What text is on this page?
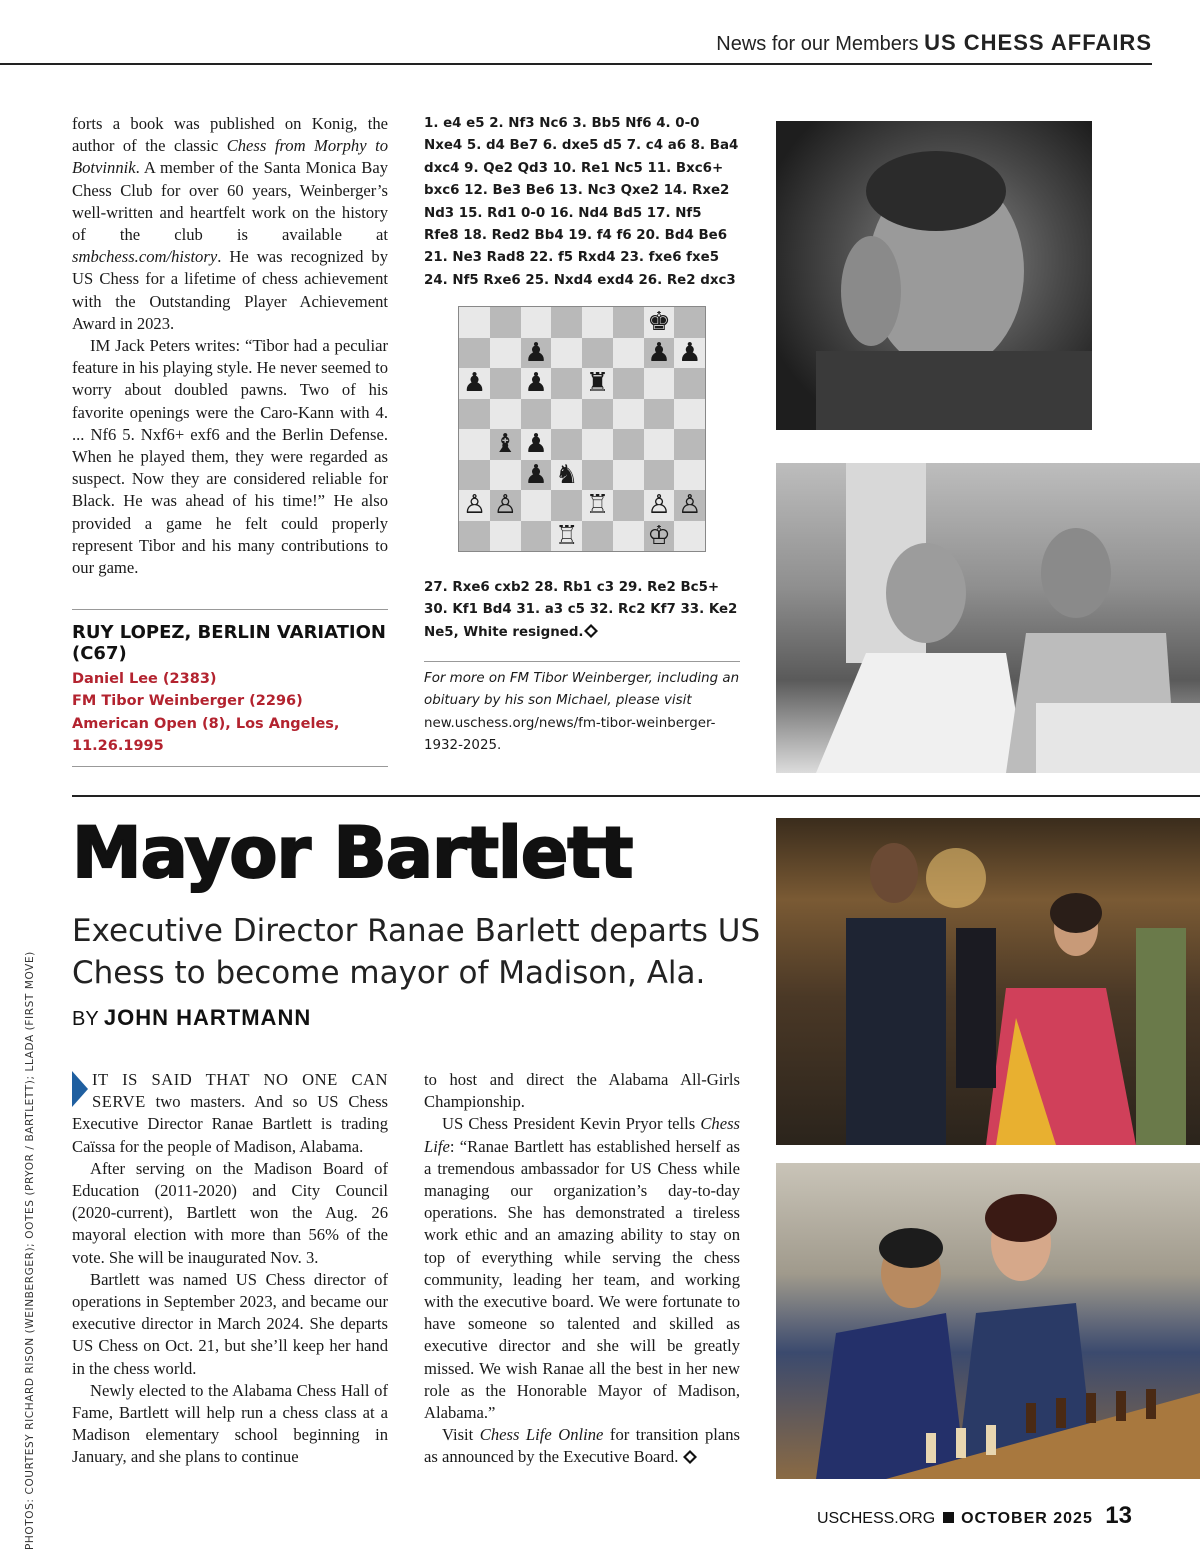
News for our Members US CHESS AFFAIRS

forts a book was published on Konig, the author of the classic Chess from Morphy to Botvinnik. A member of the Santa Monica Bay Chess Club for over 60 years, Weinberger’s well-written and heartfelt work on the history of the club is available at smbchess.com/history. He was recognized by US Chess for a lifetime of chess achievement with the Outstanding Player Achievement Award in 2023.

IM Jack Peters writes: “Tibor had a peculiar feature in his playing style. He never seemed to worry about doubled pawns. Two of his favorite openings were the Caro-Kann with 4. ... Nf6 5. Nxf6+ exf6 and the Berlin Defense. When he played them, they were regarded as suspect. Now they are considered reliable for Black. He was ahead of his time!” He also provided a game he felt could properly represent Tibor and his many contributions to our game.

RUY LOPEZ, BERLIN VARIATION (C67)
Daniel Lee (2383)
FM Tibor Weinberger (2296)
American Open (8), Los Angeles, 11.26.1995
1. e4 e5 2. Nf3 Nc6 3. Bb5 Nf6 4. 0-0 Nxe4 5. d4 Be7 6. dxe5 d5 7. c4 a6 8. Ba4 dxc4 9. Qe2 Qd3 10. Re1 Nc5 11. Bxc6+ bxc6 12. Be3 Be6 13. Nc3 Qxe2 14. Rxe2 Nd3 15. Rd1 0-0 16. Nd4 Bd5 17. Nf5 Rfe8 18. Red2 Bb4 19. f4 f6 20. Bd4 Be6 21. Ne3 Rad8 22. f5 Rxd4 23. fxe6 fxe5 24. Nf5 Rxe6 25. Nxd4 exd4 26. Re2 dxc3
♚
♟	♟ ♟
♟ ♟ ♜
♝ ♟
♟ ♞
♙ ♙	♖ ♙ ♙
♖	♔
27. Rxe6 cxb2 28. Rb1 c3 29. Re2 Bc5+ 30. Kf1 Bd4 31. a3 c5 32. Rc2 Kf7 33. Ke2 Ne5, White resigned.
For more on FM Tibor Weinberger, including an obituary by his son Michael, please visit new.uschess.org/news/fm-tibor-weinberger-1932-2025.
Mayor Bartlett
Executive Director Ranae Barlett departs US Chess to become mayor of Madison, Ala.
BY JOHN HARTMANN

IT IS SAID THAT NO ONE CAN SERVE two masters. And so US Chess Executive Director Ranae Bartlett is trading Caïssa for the people of Madison, Alabama.

After serving on the Madison Board of Education (2011-2020) and City Council (2020-current), Bartlett won the Aug. 26 mayoral election with more than 56% of the vote. She will be inaugurated Nov. 3.

Bartlett was named US Chess director of operations in September 2023, and became our executive director in March 2024. She departs US Chess on Oct. 21, but she’ll keep her hand in the chess world.

Newly elected to the Alabama Chess Hall of Fame, Bartlett will help run a chess class at a Madison elementary school beginning in January, and she plans to continue

to host and direct the Alabama All-Girls Championship.

US Chess President Kevin Pryor tells Chess Life: “Ranae Bartlett has established herself as a tremendous ambassador for US Chess while managing our organization’s day-to-day operations. She has demonstrated a tireless work ethic and an amazing ability to stay on top of everything while serving the chess community, leading her team, and working with the executive board. We were fortunate to have someone so talented and skilled as executive director and she will be greatly missed. We wish Ranae all the best in her new role as the Honorable Mayor of Madison, Alabama.”

Visit Chess Life Online for transition plans as announced by the Executive Board.

PHOTOS: COURTESY RICHARD RISON (WEINBERGER); OOTES (PRYOR / BARTLETT); LLADA (FIRST MOVE)	USCHESS.ORG OCTOBER 2025 13
